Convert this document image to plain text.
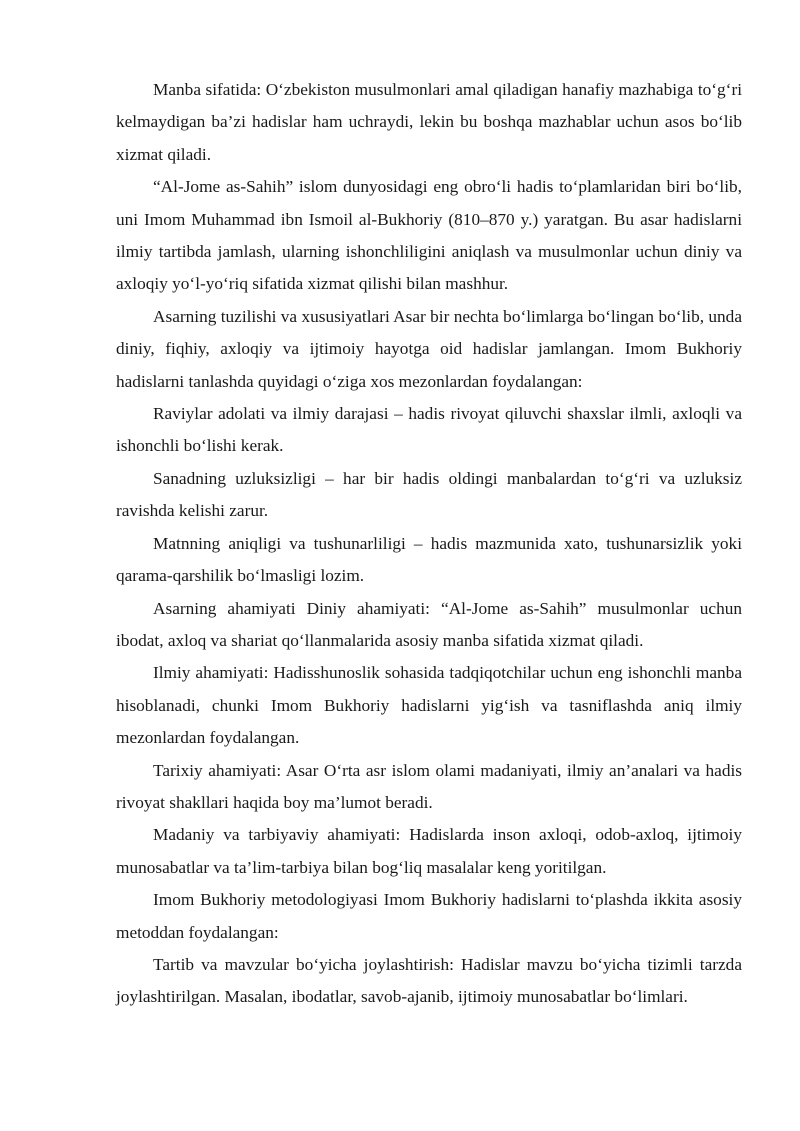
Manba sifatida: O‘zbekiston musulmonlari amal qiladigan hanafiy mazhabiga to‘g‘ri kelmaydigan ba’zi hadislar ham uchraydi, lekin bu boshqa mazhablar uchun asos bo‘lib xizmat qiladi.

“Al-Jome as-Sahih” islom dunyosidagi eng obro‘li hadis to‘plamlaridan biri bo‘lib, uni Imom Muhammad ibn Ismoil al-Bukhoriy (810–870 y.) yaratgan. Bu asar hadislarni ilmiy tartibda jamlash, ularning ishonchliligini aniqlash va musulmonlar uchun diniy va axloqiy yo‘l-yo‘riq sifatida xizmat qilishi bilan mashhur.

Asarning tuzilishi va xususiyatlari Asar bir nechta bo‘limlarga bo‘lingan bo‘lib, unda diniy, fiqhiy, axloqiy va ijtimoiy hayotga oid hadislar jamlangan. Imom Bukhoriy hadislarni tanlashda quyidagi o‘ziga xos mezonlardan foydalangan:

Raviylar adolati va ilmiy darajasi – hadis rivoyat qiluvchi shaxslar ilmli, axloqli va ishonchli bo‘lishi kerak.

Sanadning uzluksizligi – har bir hadis oldingi manbalardan to‘g‘ri va uzluksiz ravishda kelishi zarur.

Matnning aniqligi va tushunarliligi – hadis mazmunida xato, tushunarsizlik yoki qarama-qarshilik bo‘lmasligi lozim.

Asarning ahamiyati Diniy ahamiyati: “Al-Jome as-Sahih” musulmonlar uchun ibodat, axloq va shariat qo‘llanmalarida asosiy manba sifatida xizmat qiladi.

Ilmiy ahamiyati: Hadisshunoslik sohasida tadqiqotchilar uchun eng ishonchli manba hisoblanadi, chunki Imom Bukhoriy hadislarni yig‘ish va tasniflashda aniq ilmiy mezonlardan foydalangan.

Tarixiy ahamiyati: Asar O‘rta asr islom olami madaniyati, ilmiy an’analari va hadis rivoyat shakllari haqida boy ma’lumot beradi.

Madaniy va tarbiyaviy ahamiyati: Hadislarda inson axloqi, odob-axloq, ijtimoiy munosabatlar va ta’lim-tarbiya bilan bog‘liq masalalar keng yoritilgan.

Imom Bukhoriy metodologiyasi Imom Bukhoriy hadislarni to‘plashda ikkita asosiy metoddan foydalangan:

Tartib va mavzular bo‘yicha joylashtirish: Hadislar mavzu bo‘yicha tizimli tarzda joylashtirilgan. Masalan, ibodatlar, savob-ajanib, ijtimoiy munosabatlar bo‘limlari.
